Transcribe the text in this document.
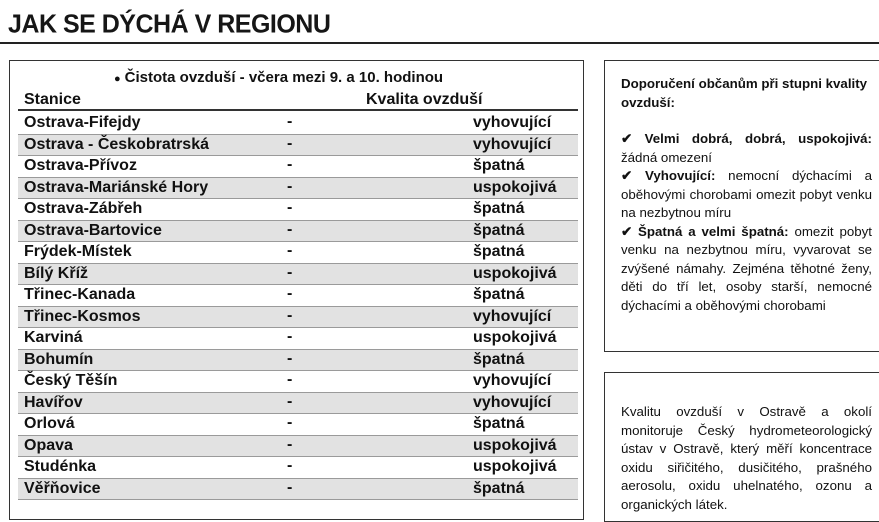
JAK SE DÝCHÁ V REGIONU
● Čistota ovzduší - včera mezi 9. a 10. hodinou
Stanice	Kvalita ovzduší
Ostrava-Fifejdy	-	vyhovující
Ostrava - Českobratrská	-	vyhovující
Ostrava-Přívoz	-	špatná
Ostrava-Mariánské Hory	-	uspokojivá
Ostrava-Zábřeh	-	špatná
Ostrava-Bartovice	-	špatná
Frýdek-Místek	-	špatná
Bílý Kříž	-	uspokojivá
Třinec-Kanada	-	špatná
Třinec-Kosmos	-	vyhovující
Karviná	-	uspokojivá
Bohumín	-	špatná
Český Těšín	-	vyhovující
Havířov	-	vyhovující
Orlová	-	špatná
Opava	-	uspokojivá
Studénka	-	uspokojivá
Věřňovice	-	špatná
Doporučení občanům při stupni kvality ovzduší:

✔ Velmi dobrá, dobrá, uspokojivá: žádná omezení

✔ Vyhovující: nemocní dýchacími a oběhovými chorobami omezit pobyt venku na nezbytnou míru

✔ Špatná a velmi špatná: omezit pobyt venku na nezbytnou míru, vyvarovat se zvýšené námahy. Zejména těhotné ženy, děti do tří let, osoby starší, nemocné dýchacími a oběhovými chorobami

Kvalitu ovzduší v Ostravě a okolí monitoruje Český hydrometeorologický ústav v Ostravě, který měří koncentrace oxidu siřičitého, dusičitého, prašného aerosolu, oxidu uhelnatého, ozonu a organických látek.
